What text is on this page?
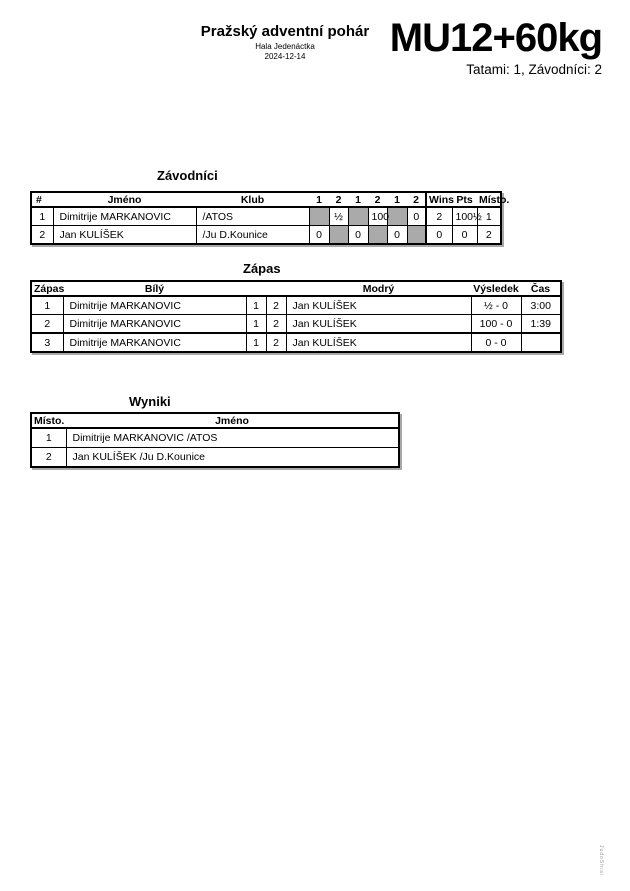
Pražský adventní pohár
Hala Jedenáctka
2024-12-14	MU12+60kg
Tatami: 1, Závodníci: 2
Závodníci
#	Jméno	Klub	1	2	1	2	1	2	Wins	Pts	Místo.
1	Dimitrije MARKANOVIC	/ATOS		½		100		0	2	100½	1
2	Jan KULÍŠEK	/Ju D.Kounice	0		0		0		0	0	2
Zápas
Zápas	Bílý			Modrý	Výsledek	Čas
1	Dimitrije MARKANOVIC	1	2	Jan KULÍŠEK	½ - 0	3:00
2	Dimitrije MARKANOVIC	1	2	Jan KULÍŠEK	100 - 0	1:39
3	Dimitrije MARKANOVIC	1	2	Jan KULÍŠEK	0 - 0	
Wyniki
Místo.	Jméno
1	Dimitrije MARKANOVIC /ATOS
2	Jan KULÍŠEK /Ju D.Kounice
JudoShiai
